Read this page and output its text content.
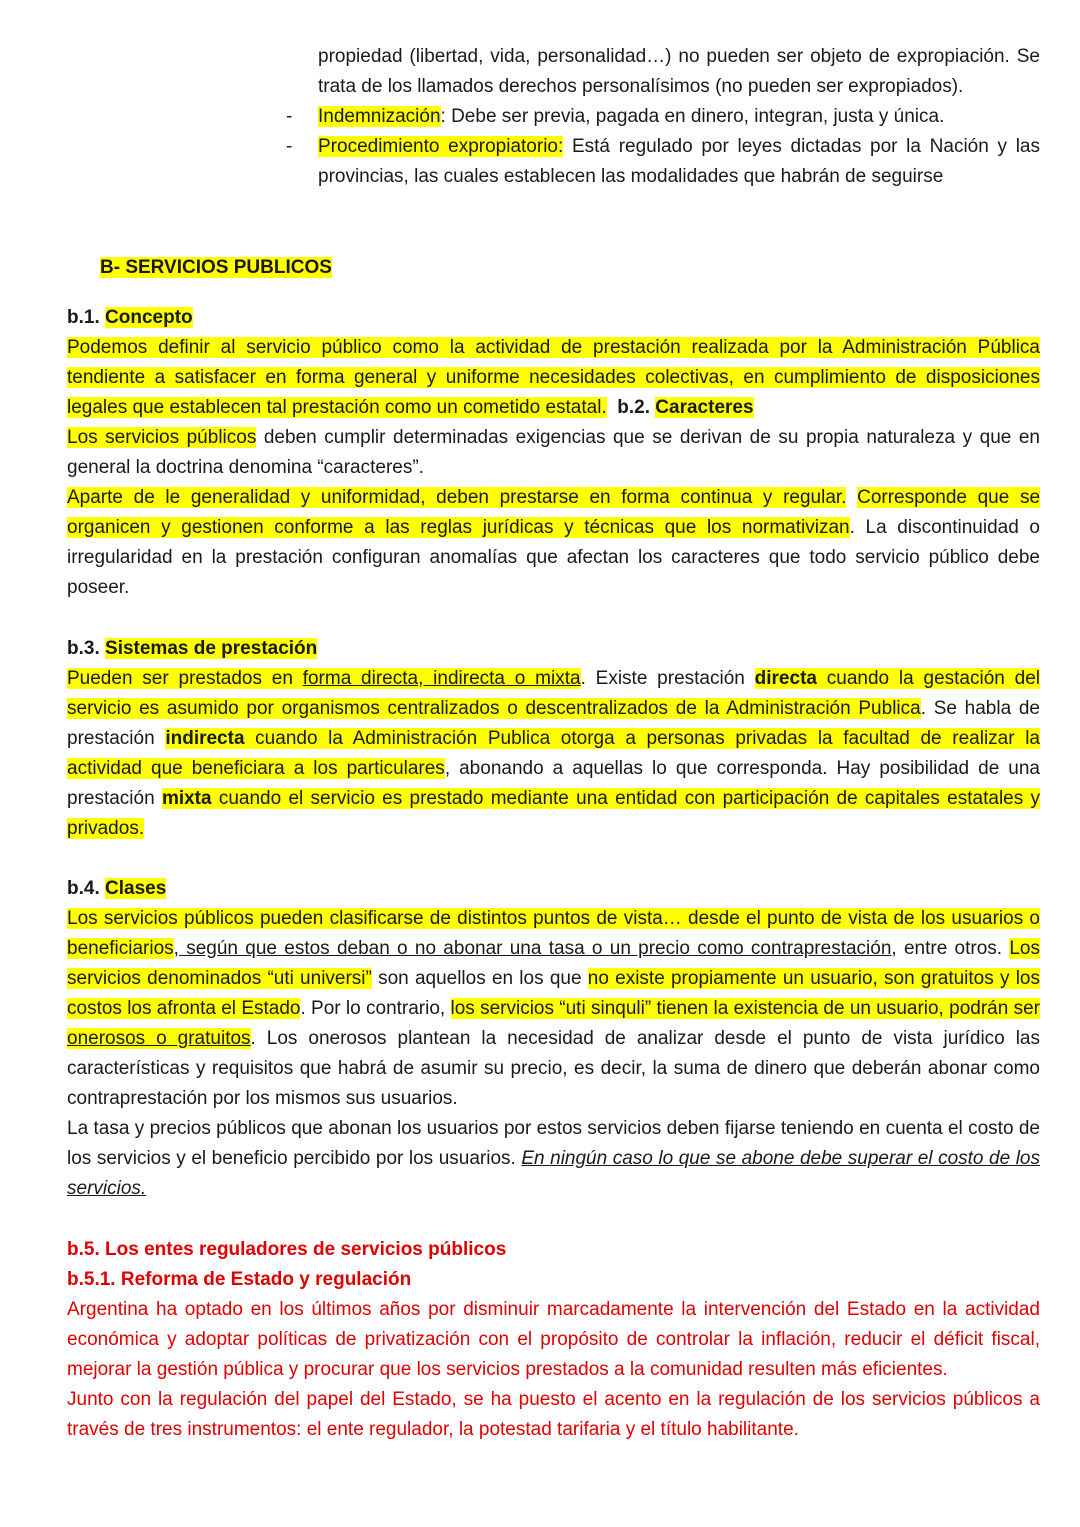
propiedad (libertad, vida, personalidad…) no pueden ser objeto de expropiación. Se trata de los llamados derechos personalísimos (no pueden ser expropiados).

- Indemnización: Debe ser previa, pagada en dinero, integran, justa y única.

- Procedimiento expropiatorio: Está regulado por leyes dictadas por la Nación y las provincias, las cuales establecen las modalidades que habrán de seguirse

B- SERVICIOS PUBLICOS

b.1. Concepto

Podemos definir al servicio público como la actividad de prestación realizada por la Administración Pública tendiente a satisfacer en forma general y uniforme necesidades colectivas, en cumplimiento de disposiciones legales que establecen tal prestación como un cometido estatal. b.2. Caracteres

Los servicios públicos deben cumplir determinadas exigencias que se derivan de su propia naturaleza y que en general la doctrina denomina “caracteres”.

Aparte de le generalidad y uniformidad, deben prestarse en forma continua y regular. Corresponde que se organicen y gestionen conforme a las reglas jurídicas y técnicas que los normativizan. La discontinuidad o irregularidad en la prestación configuran anomalías que afectan los caracteres que todo servicio público debe poseer.

b.3. Sistemas de prestación

Pueden ser prestados en forma directa, indirecta o mixta. Existe prestación directa cuando la gestación del servicio es asumido por organismos centralizados o descentralizados de la Administración Publica. Se habla de prestación indirecta cuando la Administración Publica otorga a personas privadas la facultad de realizar la actividad que beneficiara a los particulares, abonando a aquellas lo que corresponda. Hay posibilidad de una prestación mixta cuando el servicio es prestado mediante una entidad con participación de capitales estatales y privados.

b.4. Clases

Los servicios públicos pueden clasificarse de distintos puntos de vista… desde el punto de vista de los usuarios o beneficiarios, según que estos deban o no abonar una tasa o un precio como contraprestación, entre otros. Los servicios denominados “uti universi” son aquellos en los que no existe propiamente un usuario, son gratuitos y los costos los afronta el Estado. Por lo contrario, los servicios “uti sinquli” tienen la existencia de un usuario, podrán ser onerosos o gratuitos. Los onerosos plantean la necesidad de analizar desde el punto de vista jurídico las características y requisitos que habrá de asumir su precio, es decir, la suma de dinero que deberán abonar como contraprestación por los mismos sus usuarios.

La tasa y precios públicos que abonan los usuarios por estos servicios deben fijarse teniendo en cuenta el costo de los servicios y el beneficio percibido por los usuarios. En ningún caso lo que se abone debe superar el costo de los servicios.

b.5. Los entes reguladores de servicios públicos

b.5.1. Reforma de Estado y regulación

Argentina ha optado en los últimos años por disminuir marcadamente la intervención del Estado en la actividad económica y adoptar políticas de privatización con el propósito de controlar la inflación, reducir el déficit fiscal, mejorar la gestión pública y procurar que los servicios prestados a la comunidad resulten más eficientes.

Junto con la regulación del papel del Estado, se ha puesto el acento en la regulación de los servicios públicos a través de tres instrumentos: el ente regulador, la potestad tarifaria y el título habilitante.
